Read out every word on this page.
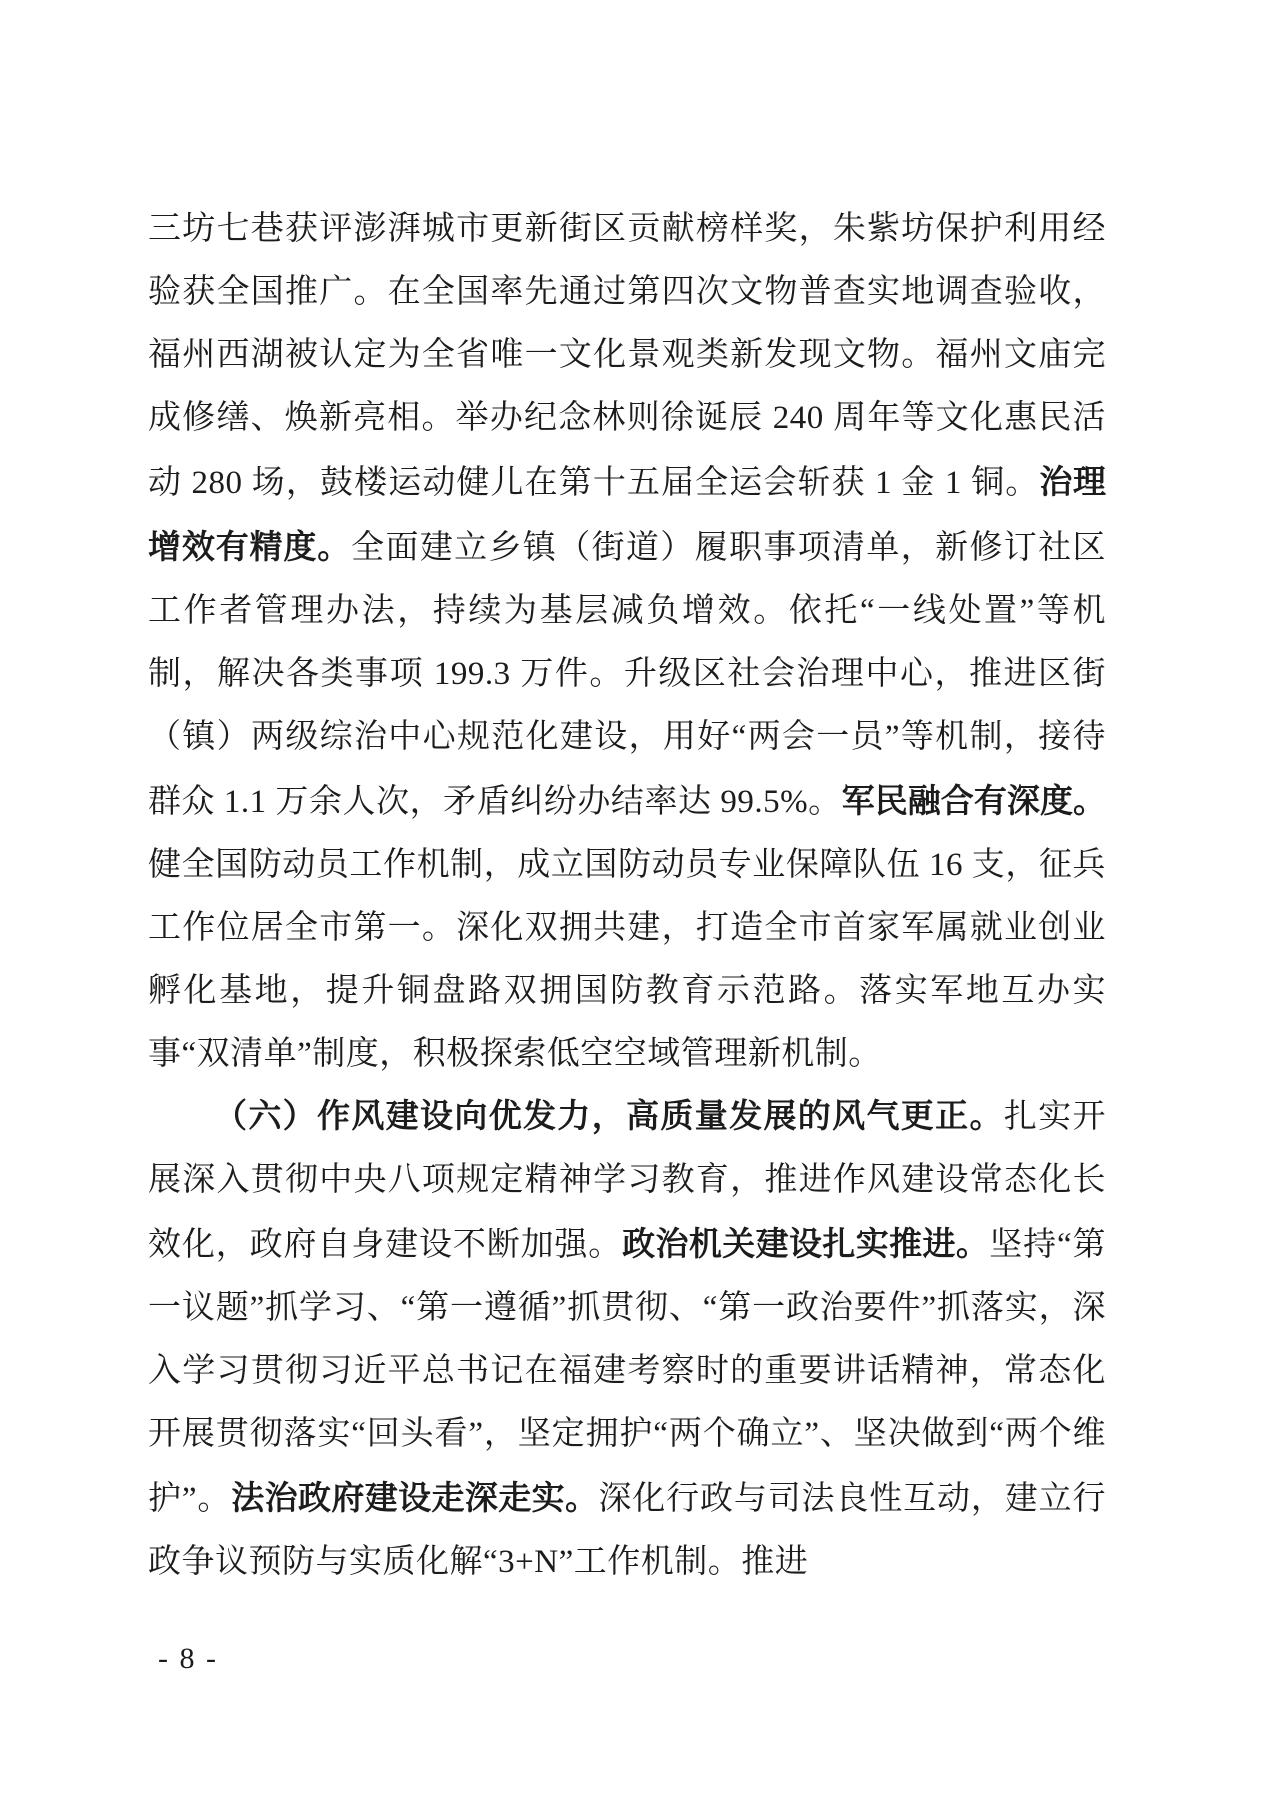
三坊七巷获评澎湃城市更新街区贡献榜样奖，朱紫坊保护利用经验获全国推广。在全国率先通过第四次文物普查实地调查验收，福州西湖被认定为全省唯一文化景观类新发现文物。福州文庙完成修缮、焕新亮相。举办纪念林则徐诞辰 240 周年等文化惠民活动 280 场，鼓楼运动健儿在第十五届全运会斩获 1 金 1 铜。治理增效有精度。全面建立乡镇（街道）履职事项清单，新修订社区工作者管理办法，持续为基层减负增效。依托“一线处置”等机制，解决各类事项 199.3 万件。升级区社会治理中心，推进区街（镇）两级综治中心规范化建设，用好“两会一员”等机制，接待群众 1.1 万余人次，矛盾纠纷办结率达 99.5%。军民融合有深度。健全国防动员工作机制，成立国防动员专业保障队伍 16 支，征兵工作位居全市第一。深化双拥共建，打造全市首家军属就业创业孵化基地，提升铜盘路双拥国防教育示范路。落实军地互办实事“双清单”制度，积极探索低空空域管理新机制。

（六）作风建设向优发力，高质量发展的风气更正。扎实开展深入贯彻中央八项规定精神学习教育，推进作风建设常态化长效化，政府自身建设不断加强。政治机关建设扎实推进。坚持“第一议题”抓学习、“第一遵循”抓贯彻、“第一政治要件”抓落实，深入学习贯彻习近平总书记在福建考察时的重要讲话精神，常态化开展贯彻落实“回头看”，坚定拥护“两个确立”、坚决做到“两个维护”。法治政府建设走深走实。深化行政与司法良性互动，建立行政争议预防与实质化解“3+N”工作机制。推进

- 8 -
